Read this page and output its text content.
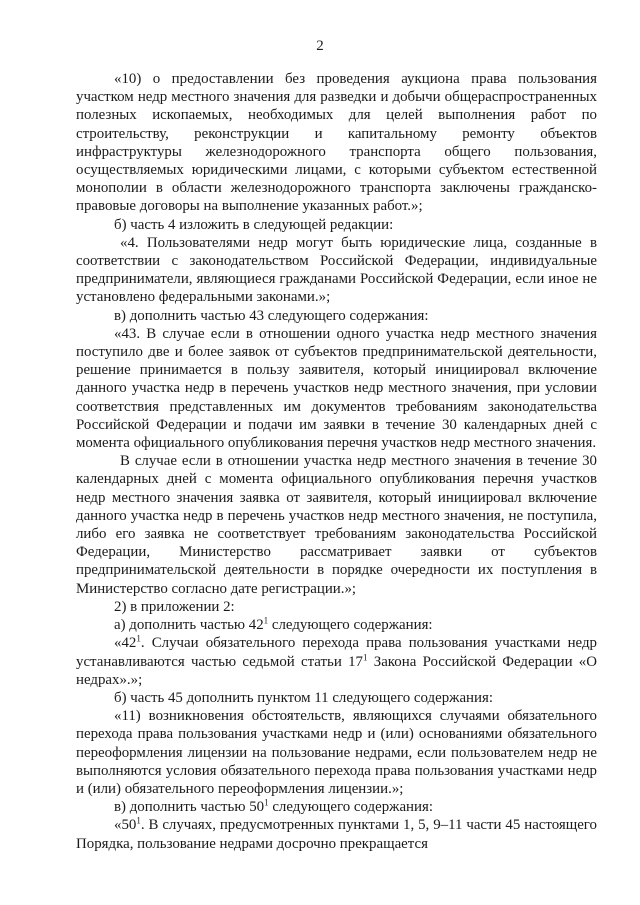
2

«10) о предоставлении без проведения аукциона права пользования участком недр местного значения для разведки и добычи общераспространенных полезных ископаемых, необходимых для целей выполнения работ по строительству, реконструкции и капитальному ремонту объектов инфраструктуры железнодорожного транспорта общего пользования, осуществляемых юридическими лицами, с которыми субъектом естественной монополии в области железнодорожного транспорта заключены гражданско-правовые договоры на выполнение указанных работ.»;

б) часть 4 изложить в следующей редакции:

«4. Пользователями недр могут быть юридические лица, созданные в соответствии с законодательством Российской Федерации, индивидуальные предприниматели, являющиеся гражданами Российской Федерации, если иное не установлено федеральными законами.»;

в) дополнить частью 43 следующего содержания:

«43. В случае если в отношении одного участка недр местного значения поступило две и более заявок от субъектов предпринимательской деятельности, решение принимается в пользу заявителя, который инициировал включение данного участка недр в перечень участков недр местного значения, при условии соответствия представленных им документов требованиям законодательства Российской Федерации и подачи им заявки в течение 30 календарных дней с момента официального опубликования перечня участков недр местного значения.

В случае если в отношении участка недр местного значения в течение 30 календарных дней с момента официального опубликования перечня участков недр местного значения заявка от заявителя, который инициировал включение данного участка недр в перечень участков недр местного значения, не поступила, либо его заявка не соответствует требованиям законодательства Российской Федерации, Министерство рассматривает заявки от субъектов предпринимательской деятельности в порядке очередности их поступления в Министерство согласно дате регистрации.»;

2) в приложении 2:

а) дополнить частью $42^1$ следующего содержания:

«$42^1$. Случаи обязательного перехода права пользования участками недр устанавливаются частью седьмой статьи $17^1$ Закона Российской Федерации «О недрах».»;

б) часть 45 дополнить пунктом 11 следующего содержания:

«11) возникновения обстоятельств, являющихся случаями обязательного перехода права пользования участками недр и (или) основаниями обязательного переоформления лицензии на пользование недрами, если пользователем недр не выполняются условия обязательного перехода права пользования участками недр и (или) обязательного переоформления лицензии.»;

в) дополнить частью $50^1$ следующего содержания:

«$50^1$. В случаях, предусмотренных пунктами 1, 5, 9–11 части 45 настоящего Порядка, пользование недрами досрочно прекращается
